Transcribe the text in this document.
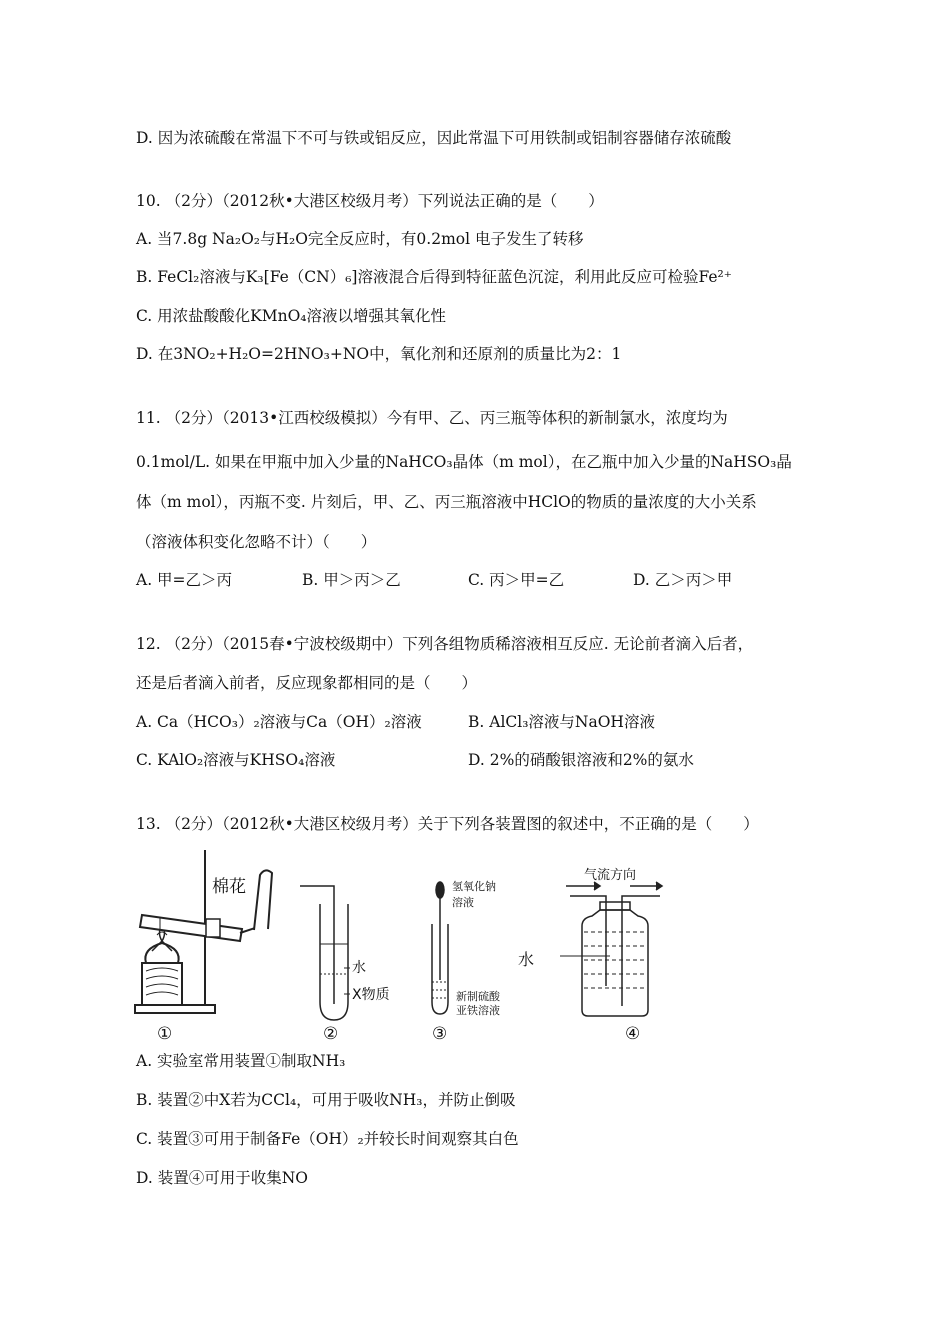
D. 因为浓硫酸在常温下不可与铁或铝反应，因此常温下可用铁制或铝制容器储存浓硫酸
10. （2分）（2012秋•大港区校级月考）下列说法正确的是（　　）
A. 当7.8g Na₂O₂与H₂O完全反应时，有0.2mol 电子发生了转移
B. FeCl₂溶液与K₃[Fe（CN）₆]溶液混合后得到特征蓝色沉淀，利用此反应可检验Fe²⁺
C. 用浓盐酸酸化KMnO₄溶液以增强其氧化性
D. 在3NO₂+H₂O=2HNO₃+NO中，氧化剂和还原剂的质量比为2：1
11. （2分）（2013•江西校级模拟）今有甲、乙、丙三瓶等体积的新制氯水，浓度均为
0.1mol/L. 如果在甲瓶中加入少量的NaHCO₃晶体（m mol），在乙瓶中加入少量的NaHSO₃晶
体（m mol），丙瓶不变. 片刻后，甲、乙、丙三瓶溶液中HClO的物质的量浓度的大小关系
（溶液体积变化忽略不计）（　　）
A. 甲=乙＞丙	B. 甲＞丙＞乙	C. 丙＞甲=乙	D. 乙＞丙＞甲
12. （2分）（2015春•宁波校级期中）下列各组物质稀溶液相互反应. 无论前者滴入后者，
还是后者滴入前者，反应现象都相同的是（　　）
A. Ca（HCO₃）₂溶液与Ca（OH）₂溶液	B. AlCl₃溶液与NaOH溶液
C. KAlO₂溶液与KHSO₄溶液	D. 2%的硝酸银溶液和2%的氨水
13. （2分）（2012秋•大港区校级月考）关于下列各装置图的叙述中，不正确的是（　　）
棉花
①
水
X物质
②
氢氧化钠
溶液
新制硫酸
亚铁溶液
③
气流方向
水
④
A. 实验室常用装置①制取NH₃
B. 装置②中X若为CCl₄，可用于吸收NH₃，并防止倒吸
C. 装置③可用于制备Fe（OH）₂并较长时间观察其白色
D. 装置④可用于收集NO
